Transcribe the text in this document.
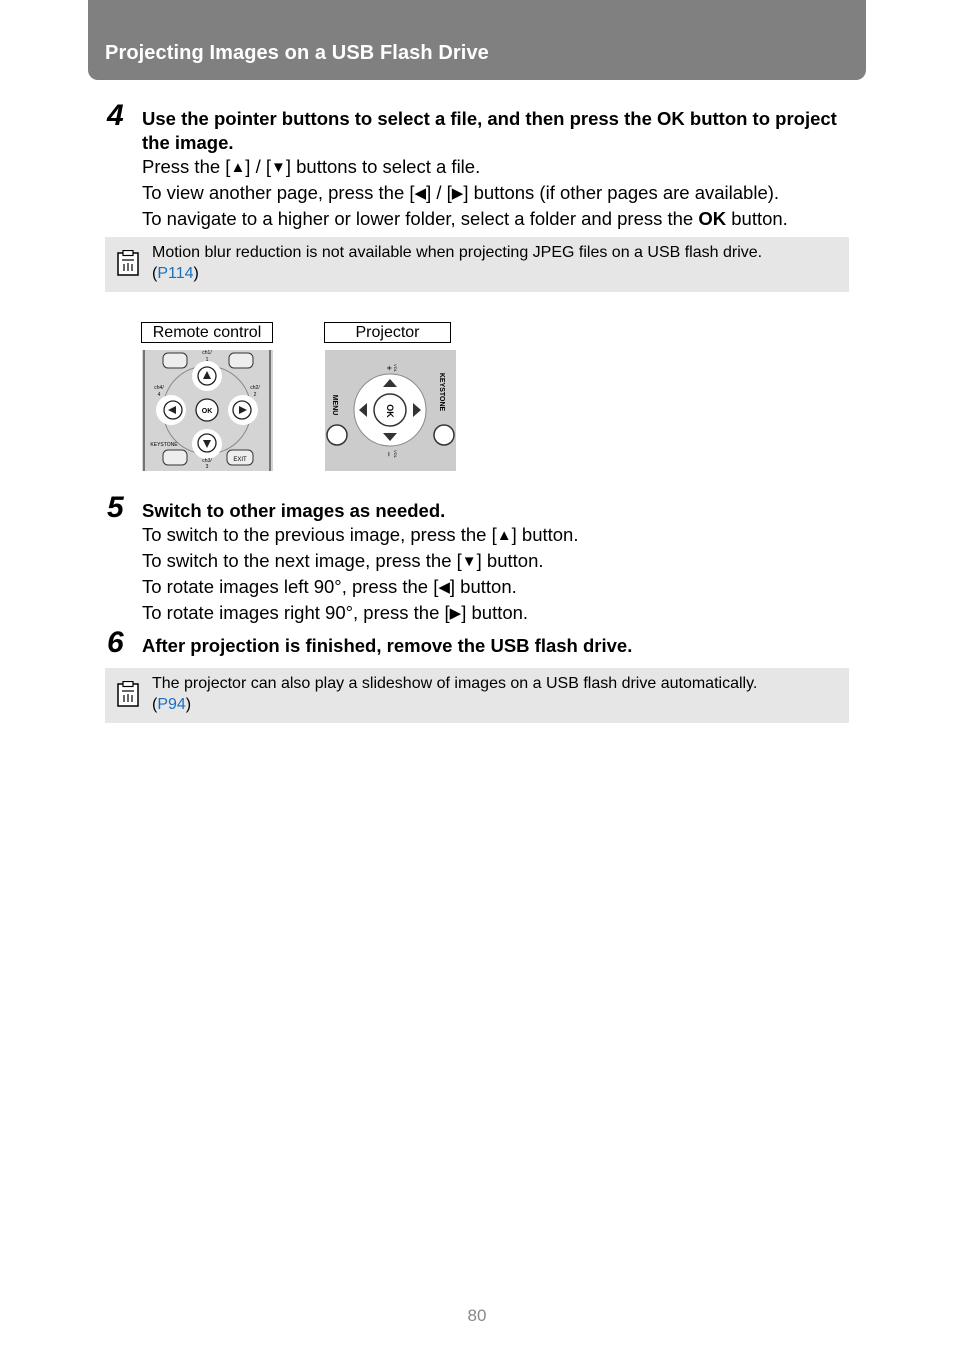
Projecting Images on a USB Flash Drive
4 Use the pointer buttons to select a file, and then press the OK button to project the image.
Press the [▲] / [▼] buttons to select a file.
To view another page, press the [◀] / [▶] buttons (if other pages are available).
To navigate to a higher or lower folder, select a folder and press the OK button.
Motion blur reduction is not available when projecting JPEG files on a USB flash drive.
(P114)
Remote control	Projector
OK
EXIT
KEYSTONE
ch1/
1
ch2/
2
ch3/
3
ch4/
4
OK
MENU	KEYSTONE
+ VOL
− VOL
5 Switch to other images as needed.
To switch to the previous image, press the [▲] button.
To switch to the next image, press the [▼] button.
To rotate images left 90°, press the [◀] button.
To rotate images right 90°, press the [▶] button.
6 After projection is finished, remove the USB flash drive.
The projector can also play a slideshow of images on a USB flash drive automatically.
(P94)
80
